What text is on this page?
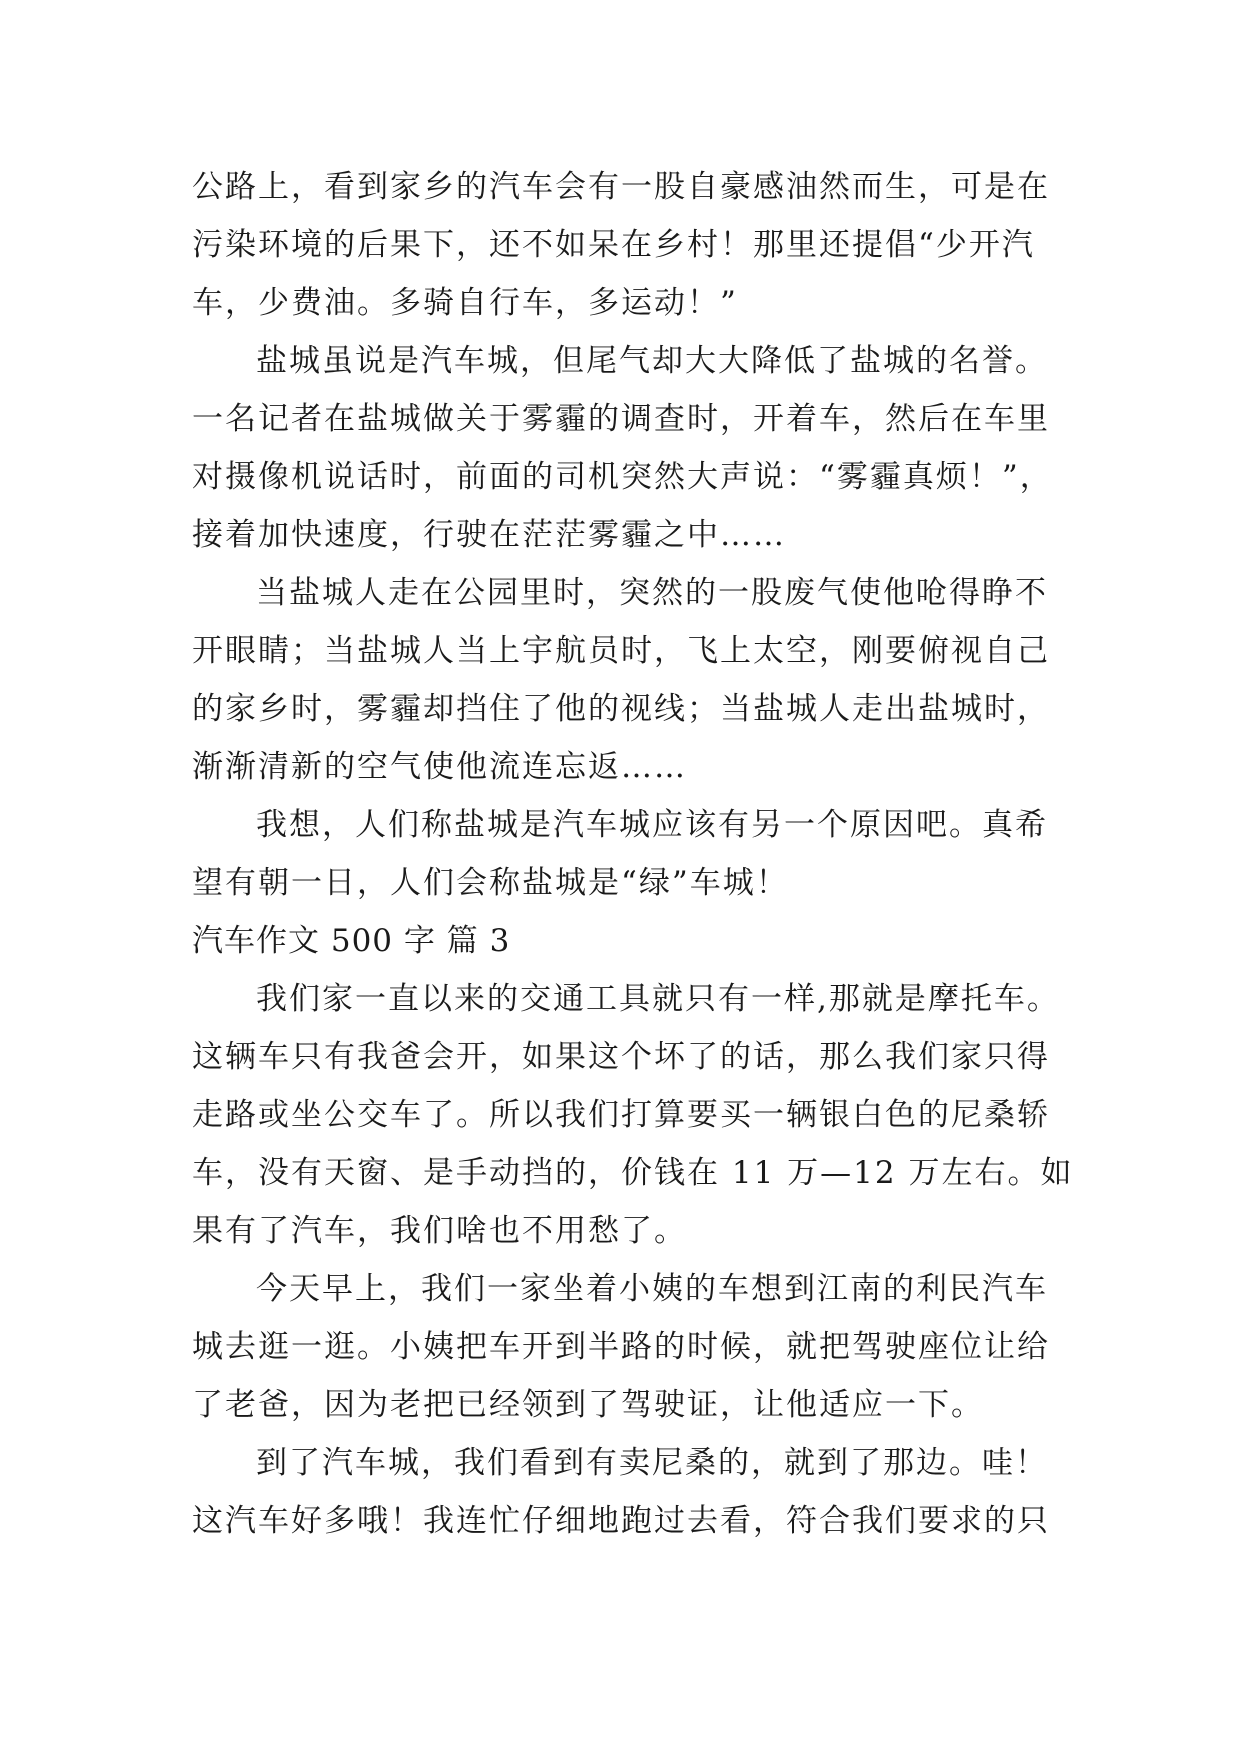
公路上，看到家乡的汽车会有一股自豪感油然而生，可是在
污染环境的后果下，还不如呆在乡村！那里还提倡“少开汽
车，少费油。多骑自行车，多运动！”
盐城虽说是汽车城，但尾气却大大降低了盐城的名誉。
一名记者在盐城做关于雾霾的调查时，开着车，然后在车里
对摄像机说话时，前面的司机突然大声说：“雾霾真烦！”，
接着加快速度，行驶在茫茫雾霾之中……
当盐城人走在公园里时，突然的一股废气使他呛得睁不
开眼睛；当盐城人当上宇航员时，飞上太空，刚要俯视自己
的家乡时，雾霾却挡住了他的视线；当盐城人走出盐城时，
渐渐清新的空气使他流连忘返……
我想，人们称盐城是汽车城应该有另一个原因吧。真希
望有朝一日，人们会称盐城是“绿”车城！
汽车作文 500 字 篇 3
我们家一直以来的交通工具就只有一样,那就是摩托车。
这辆车只有我爸会开，如果这个坏了的话，那么我们家只得
走路或坐公交车了。所以我们打算要买一辆银白色的尼桑轿
车，没有天窗、是手动挡的，价钱在 11 万—12 万左右。如
果有了汽车，我们啥也不用愁了。
今天早上，我们一家坐着小姨的车想到江南的利民汽车
城去逛一逛。小姨把车开到半路的时候，就把驾驶座位让给
了老爸，因为老把已经领到了驾驶证，让他适应一下。
到了汽车城，我们看到有卖尼桑的，就到了那边。哇！
这汽车好多哦！我连忙仔细地跑过去看，符合我们要求的只
